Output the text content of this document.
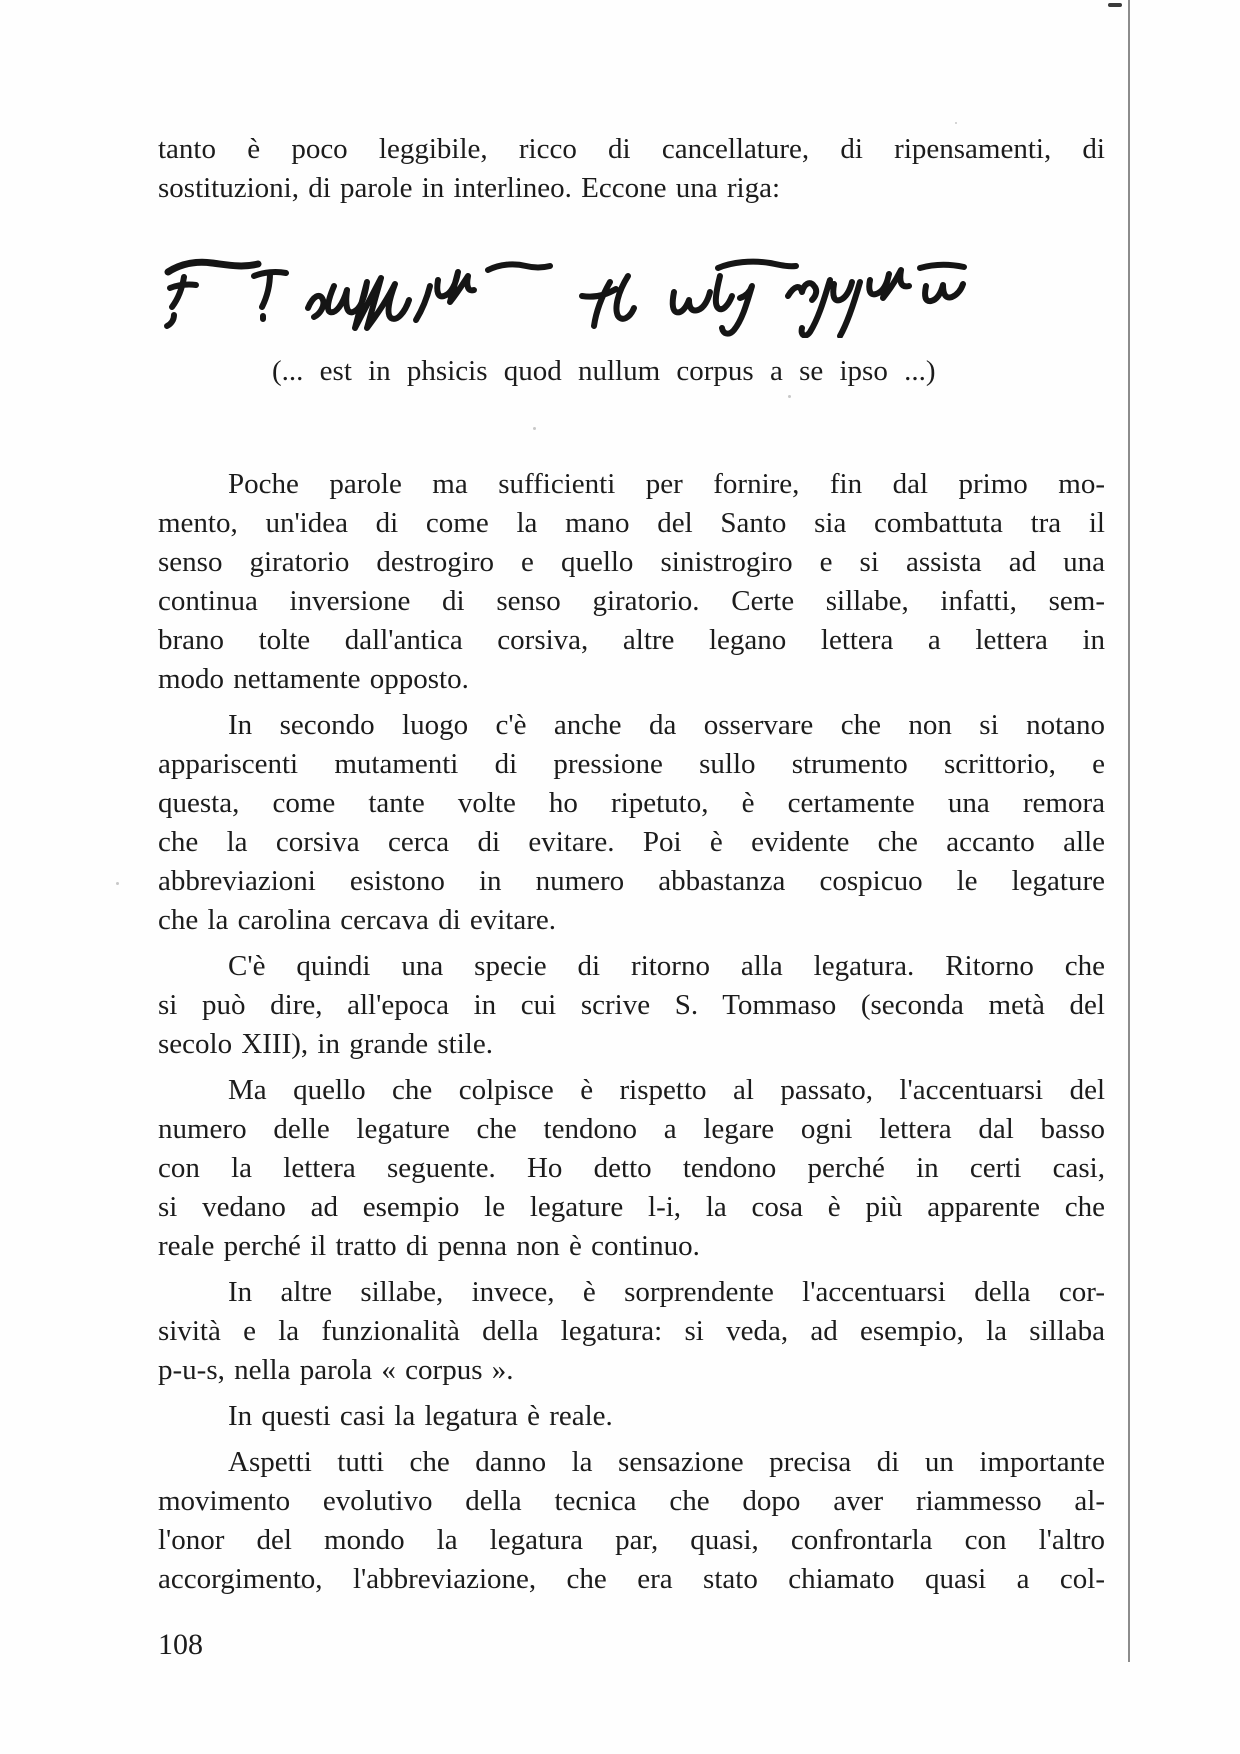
tanto è poco leggibile, ricco di cancellature, di ripensamenti, di
sostituzioni, di parole in interlineo. Eccone una riga:
(... est in phsicis quod nullum corpus a se ipso ...)
Poche parole ma sufficienti per fornire, fin dal primo mo-
mento, un'idea di come la mano del Santo sia combattuta tra il
senso giratorio destrogiro e quello sinistrogiro e si assista ad una
continua inversione di senso giratorio. Certe sillabe, infatti, sem-
brano tolte dall'antica corsiva, altre legano lettera a lettera in
modo nettamente opposto.
In secondo luogo c'è anche da osservare che non si notano
appariscenti mutamenti di pressione sullo strumento scrittorio, e
questa, come tante volte ho ripetuto, è certamente una remora
che la corsiva cerca di evitare. Poi è evidente che accanto alle
abbreviazioni esistono in numero abbastanza cospicuo le legature
che la carolina cercava di evitare.
C'è quindi una specie di ritorno alla legatura. Ritorno che
si può dire, all'epoca in cui scrive S. Tommaso (seconda metà del
secolo XIII), in grande stile.
Ma quello che colpisce è rispetto al passato, l'accentuarsi del
numero delle legature che tendono a legare ogni lettera dal basso
con la lettera seguente. Ho detto tendono perché in certi casi,
si vedano ad esempio le legature l-i, la cosa è più apparente che
reale perché il tratto di penna non è continuo.
In altre sillabe, invece, è sorprendente l'accentuarsi della cor-
sività e la funzionalità della legatura: si veda, ad esempio, la sillaba
p-u-s, nella parola « corpus ».
In questi casi la legatura è reale.
Aspetti tutti che danno la sensazione precisa di un importante
movimento evolutivo della tecnica che dopo aver riammesso al-
l'onor del mondo la legatura par, quasi, confrontarla con l'altro
accorgimento, l'abbreviazione, che era stato chiamato quasi a col-
108
